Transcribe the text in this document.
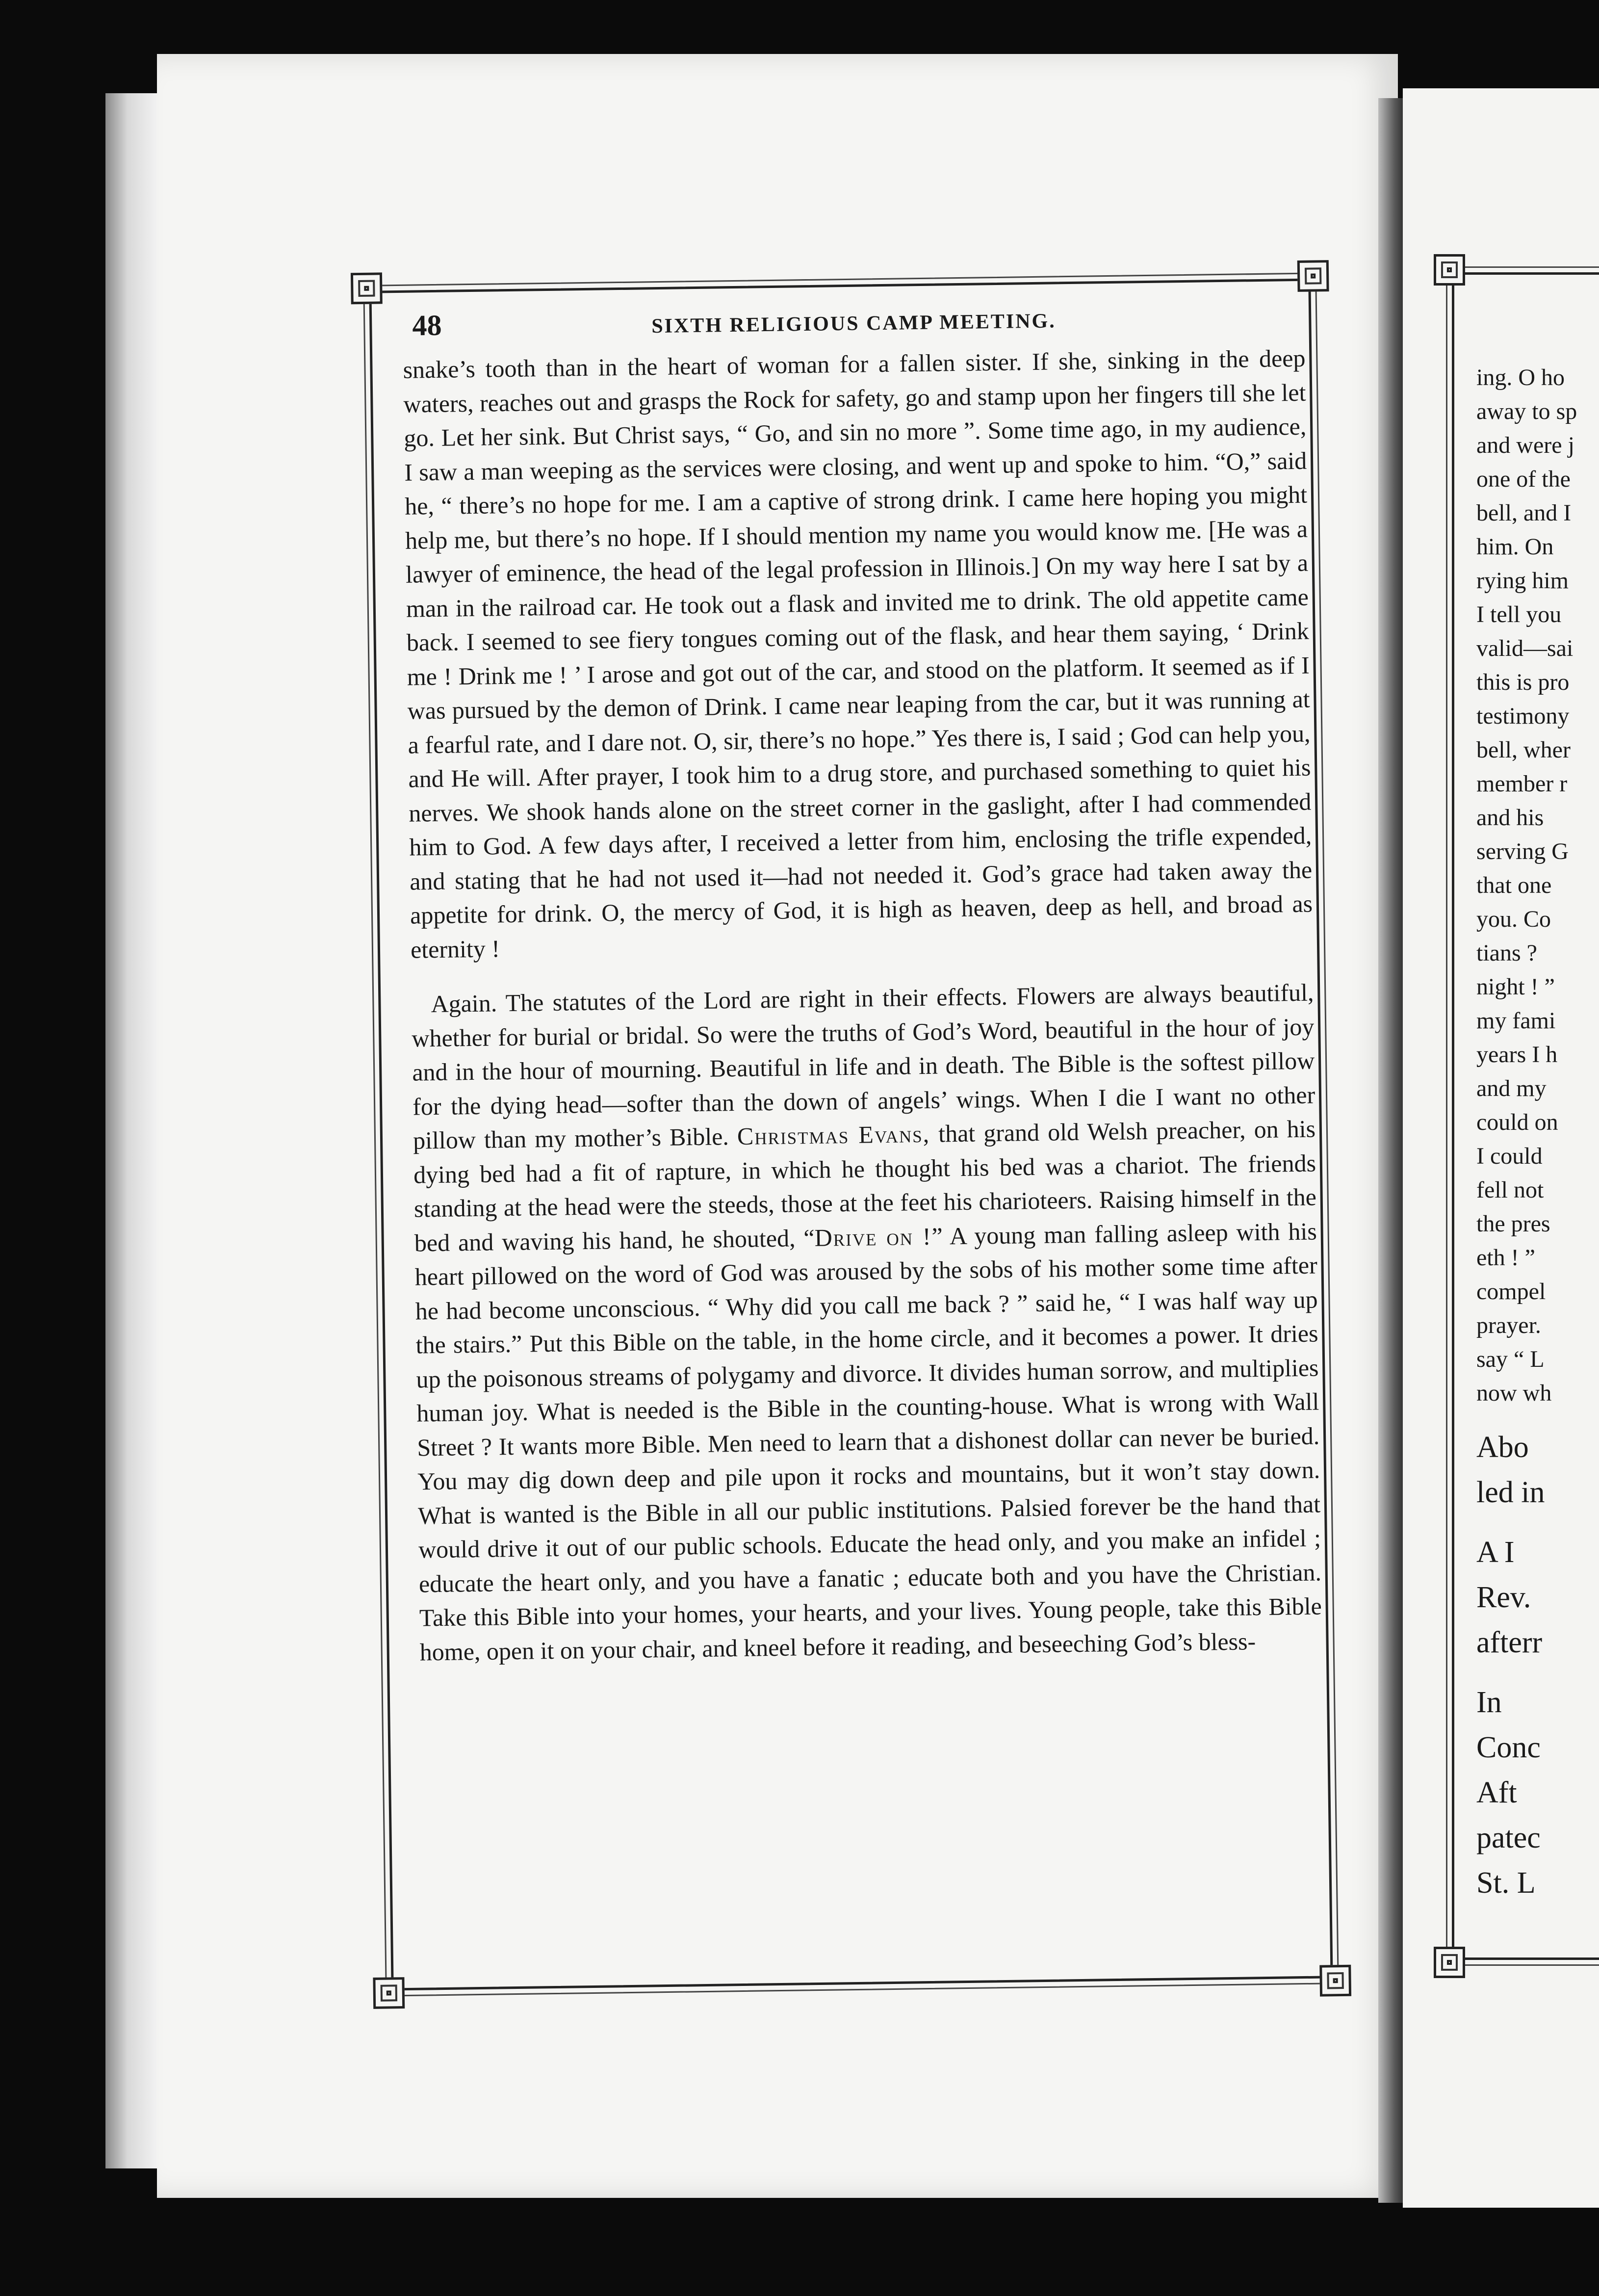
48	SIXTH RELIGIOUS CAMP MEETING.

snake’s tooth than in the heart of woman for a fallen sister. If she, sinking in the deep waters, reaches out and grasps the Rock for safety, go and stamp upon her fingers till she let go. Let her sink. But Christ says, “ Go, and sin no more ”. Some time ago, in my audience, I saw a man weeping as the services were closing, and went up and spoke to him. “O,” said he, “ there’s no hope for me. I am a captive of strong drink. I came here hoping you might help me, but there’s no hope. If I should mention my name you would know me. [He was a lawyer of eminence, the head of the legal profession in Illinois.] On my way here I sat by a man in the railroad car. He took out a flask and invited me to drink. The old appetite came back. I seemed to see fiery tongues coming out of the flask, and hear them saying, ‘ Drink me ! Drink me ! ’ I arose and got out of the car, and stood on the platform. It seemed as if I was pursued by the demon of Drink. I came near leaping from the car, but it was running at a fearful rate, and I dare not. O, sir, there’s no hope.” Yes there is, I said ; God can help you, and He will. After prayer, I took him to a drug store, and purchased something to quiet his nerves. We shook hands alone on the street corner in the gaslight, after I had commended him to God. A few days after, I received a letter from him, enclosing the trifle expended, and stating that he had not used it—had not needed it. God’s grace had taken away the appetite for drink. O, the mercy of God, it is high as heaven, deep as hell, and broad as eternity !

Again. The statutes of the Lord are right in their effects. Flowers are always beautiful, whether for burial or bridal. So were the truths of God’s Word, beautiful in the hour of joy and in the hour of mourning. Beautiful in life and in death. The Bible is the softest pillow for the dying head—softer than the down of angels’ wings. When I die I want no other pillow than my mother’s Bible. Christmas Evans, that grand old Welsh preacher, on his dying bed had a fit of rapture, in which he thought his bed was a chariot. The friends standing at the head were the steeds, those at the feet his charioteers. Raising himself in the bed and waving his hand, he shouted, “Drive on !” A young man falling asleep with his heart pillowed on the word of God was aroused by the sobs of his mother some time after he had become unconscious. “ Why did you call me back ? ” said he, “ I was half way up the stairs.” Put this Bible on the table, in the home circle, and it becomes a power. It dries up the poisonous streams of polygamy and divorce. It divides human sorrow, and multiplies human joy. What is needed is the Bible in the counting-house. What is wrong with Wall Street ? It wants more Bible. Men need to learn that a dishonest dollar can never be buried. You may dig down deep and pile upon it rocks and mountains, but it won’t stay down. What is wanted is the Bible in all our public institutions. Palsied forever be the hand that would drive it out of our public schools. Educate the head only, and you make an infidel ; educate the heart only, and you have a fanatic ; educate both and you have the Christian. Take this Bible into your homes, your hearts, and your lives. Young people, take this Bible home, open it on your chair, and kneel before it reading, and beseeching God’s bless-

ing. O ho
away to sp
and were j
one of the
bell, and I
him. On
rying him
I tell you
valid—sai
this is pro
testimony
bell, wher
member r
and his
serving G
that one
you. Co
tians ?
night ! ”
my fami
years I h
and my
could on
I could
fell not
the pres
eth ! ”
compel
prayer.
say “ L
now wh
Abo
led in
A I
Rev.
afterr
In
Conc
Aft
patec
St. L
